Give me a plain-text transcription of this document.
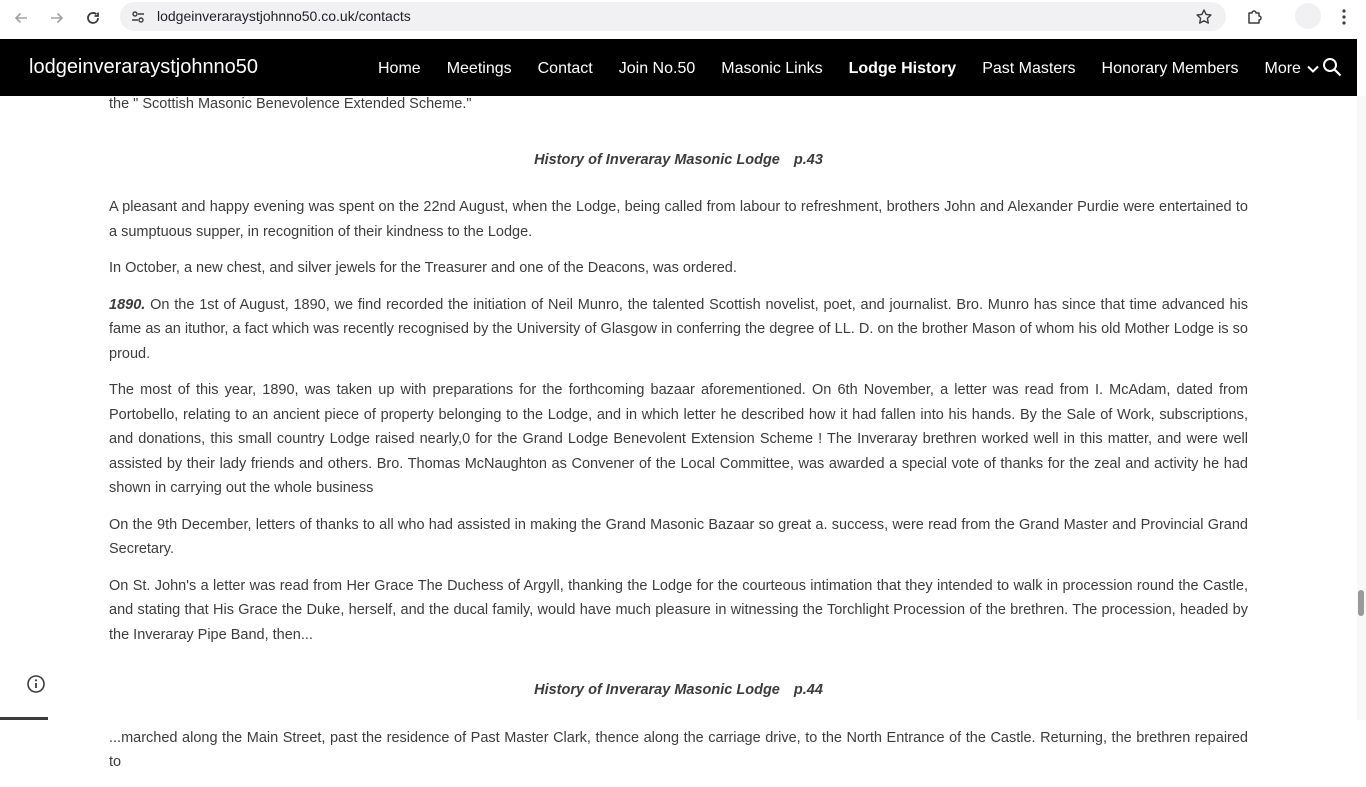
lodgeinveraraystjohnno50.co.uk/contacts
lodgeinveraraystjohnno50	Home Meetings Contact Join No.50 Masonic Links Lodge History Past Masters Honorary Members More

the " Scottish Masonic Benevolence Extended Scheme."

History of Inveraray Masonic Lodge p.43

A pleasant and happy evening was spent on the 22nd August, when the Lodge, being called from labour to refreshment, brothers John and Alexander Purdie were entertained to a sumptuous supper, in recognition of their kindness to the Lodge.

In October, a new chest, and silver jewels for the Treasurer and one of the Deacons, was ordered.

1890. On the 1st of August, 1890, we find recorded the initiation of Neil Munro, the talented Scottish novelist, poet, and journalist. Bro. Munro has since that time advanced his fame as an ituthor, a fact which was recently recognised by the University of Glasgow in conferring the degree of LL. D. on the brother Mason of whom his old Mother Lodge is so proud.

The most of this year, 1890, was taken up with preparations for the forthcoming bazaar aforementioned. On 6th November, a letter was read from I. McAdam, dated from Portobello, relating to an ancient piece of property belonging to the Lodge, and in which letter he described how it had fallen into his hands. By the Sale of Work, subscriptions, and donations, this small country Lodge raised nearly,0 for the Grand Lodge Benevolent Extension Scheme ! The Inveraray brethren worked well in this matter, and were well assisted by their lady friends and others. Bro. Thomas McNaughton as Convener of the Local Committee, was awarded a special vote of thanks for the zeal and activity he had shown in carrying out the whole business

On the 9th December, letters of thanks to all who had assisted in making the Grand Masonic Bazaar so great a. success, were read from the Grand Master and Provincial Grand Secretary.

On St. John's a letter was read from Her Grace The Duchess of Argyll, thanking the Lodge for the courteous intimation that they intended to walk in procession round the Castle, and stating that His Grace the Duke, herself, and the ducal family, would have much pleasure in witnessing the Torchlight Procession of the brethren. The procession, headed by the Inveraray Pipe Band, then...

History of Inveraray Masonic Lodge p.44

...marched along the Main Street, past the residence of Past Master Clark, thence along the carriage drive, to the North Entrance of the Castle. Returning, the brethren repaired to
